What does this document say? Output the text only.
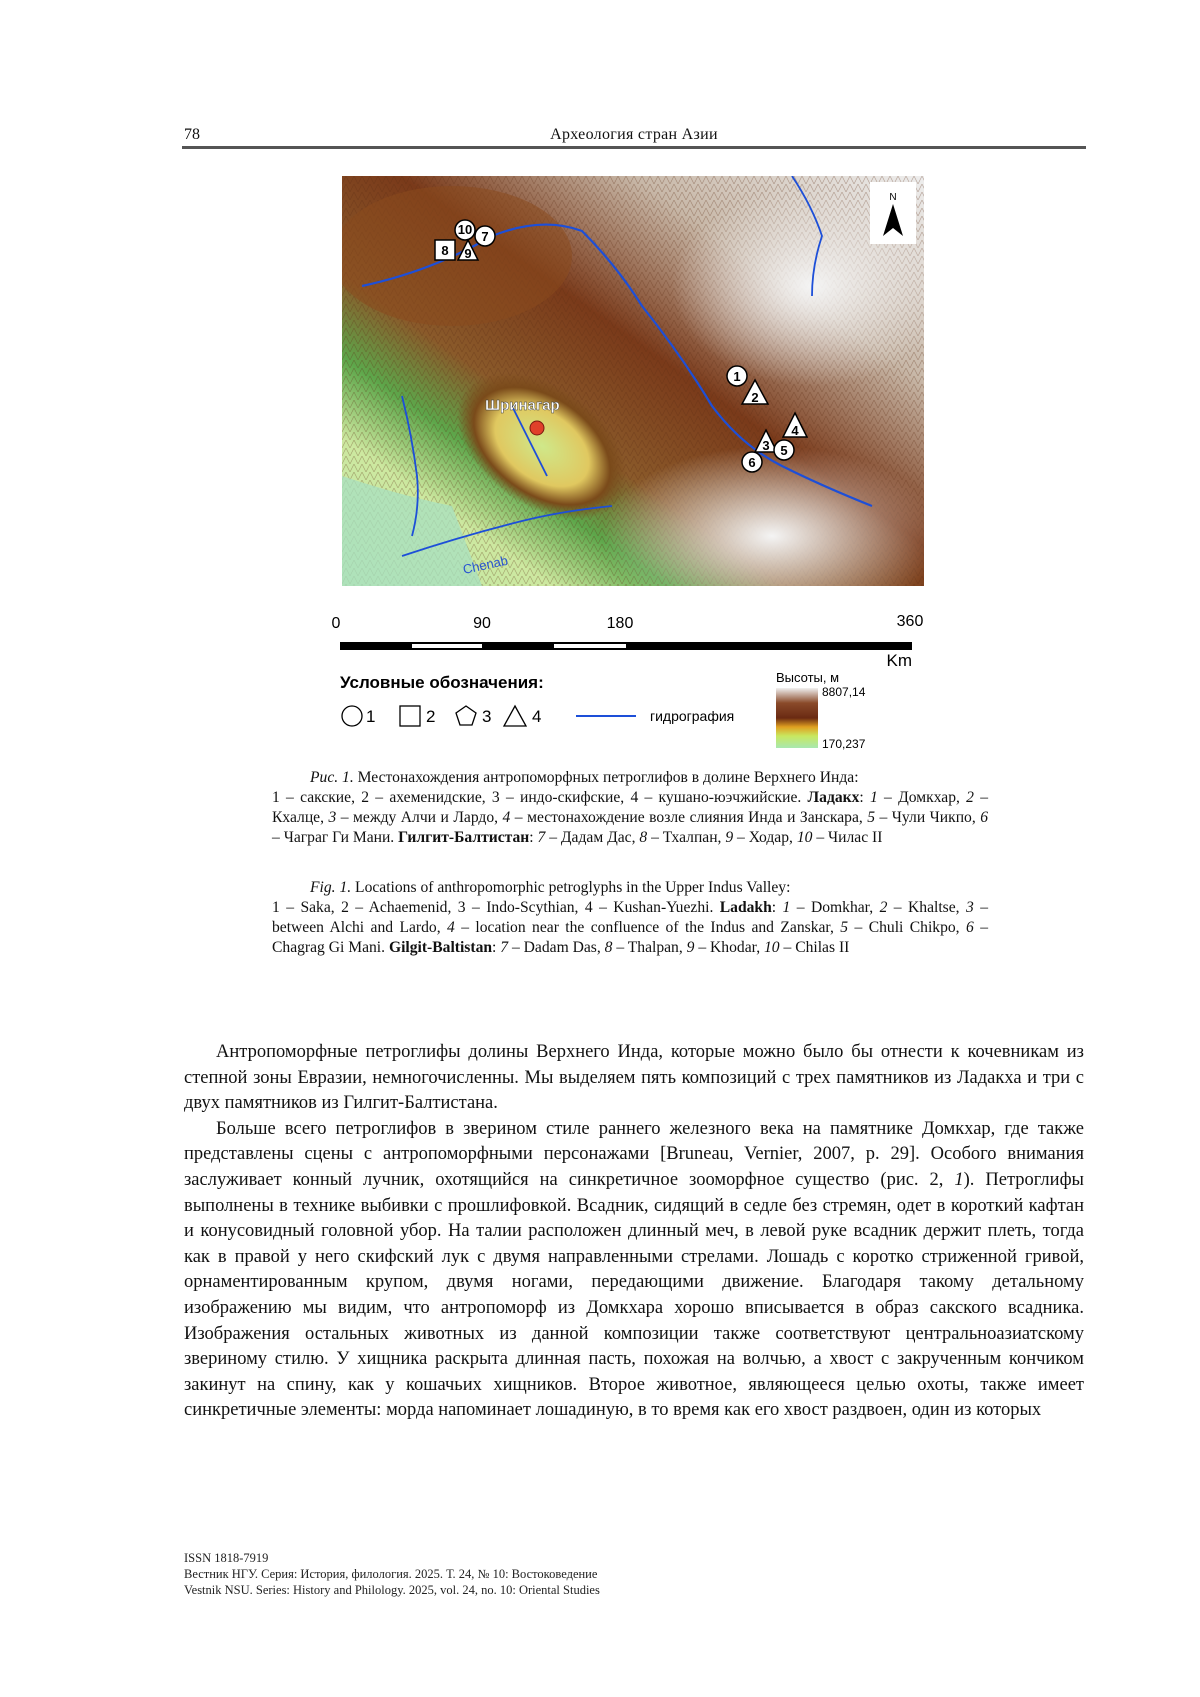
78	Археология стран Азии
Шринагар
Chenab
N
1
2
3
4
5
6
7
8 9
10
0	90	180	360
Km
Условные обозначения:
1	2	3 4	гидрография
Высоты, м
8807,14
170,237
Рис. 1. Местонахождения антропоморфных петроглифов в долине Верхнего Инда:
1 – сакские, 2 – ахеменидские, 3 – индо-скифские, 4 – кушано-юэчжийские. Ладакх: 1 – Домкхар, 2 – Кхалце, 3 – между Алчи и Лардо, 4 – местонахождение возле слияния Инда и Занскара, 5 – Чули Чикпо, 6 – Чаграг Ги Мани. Гилгит-Балтистан: 7 – Дадам Дас, 8 – Тхалпан, 9 – Ходар, 10 – Чилас II
Fig. 1. Locations of anthropomorphic petroglyphs in the Upper Indus Valley:
1 – Saka, 2 – Achaemenid, 3 – Indo-Scythian, 4 – Kushan-Yuezhi. Ladakh: 1 – Domkhar, 2 – Khaltse, 3 – between Alchi and Lardo, 4 – location near the confluence of the Indus and Zanskar, 5 – Chuli Chikpo, 6 – Chagrag Gi Mani. Gilgit-Baltistan: 7 – Dadam Das, 8 – Thalpan, 9 – Khodar, 10 – Chilas II

Антропоморфные петроглифы долины Верхнего Инда, которые можно было бы отнести к кочевникам из степной зоны Евразии, немногочисленны. Мы выделяем пять композиций с трех памятников из Ладакха и три с двух памятников из Гилгит-Балтистана.

Больше всего петроглифов в зверином стиле раннего железного века на памятнике Домкхар, где также представлены сцены с антропоморфными персонажами [Bruneau, Vernier, 2007, p. 29]. Особого внимания заслуживает конный лучник, охотящийся на синкретичное зооморфное существо (рис. 2, 1). Петроглифы выполнены в технике выбивки с прошлифовкой. Всадник, сидящий в седле без стремян, одет в короткий кафтан и конусовидный головной убор. На талии расположен длинный меч, в левой руке всадник держит плеть, тогда как в правой у него скифский лук с двумя направленными стрелами. Лошадь с коротко стриженной гривой, орнаментированным крупом, двумя ногами, передающими движение. Благодаря такому детальному изображению мы видим, что антропоморф из Домкхара хорошо вписывается в образ сакского всадника. Изображения остальных животных из данной композиции также соответствуют центральноазиатскому звериному стилю. У хищника раскрыта длинная пасть, похожая на волчью, а хвост с закрученным кончиком закинут на спину, как у кошачьих хищников. Второе животное, являющееся целью охоты, также имеет синкретичные элементы: морда напоминает лошадиную, в то время как его хвост раздвоен, один из которых

ISSN 1818-7919
Вестник НГУ. Серия: История, филология. 2025. Т. 24, № 10: Востоковедение
Vestnik NSU. Series: History and Philology. 2025, vol. 24, no. 10: Oriental Studies
